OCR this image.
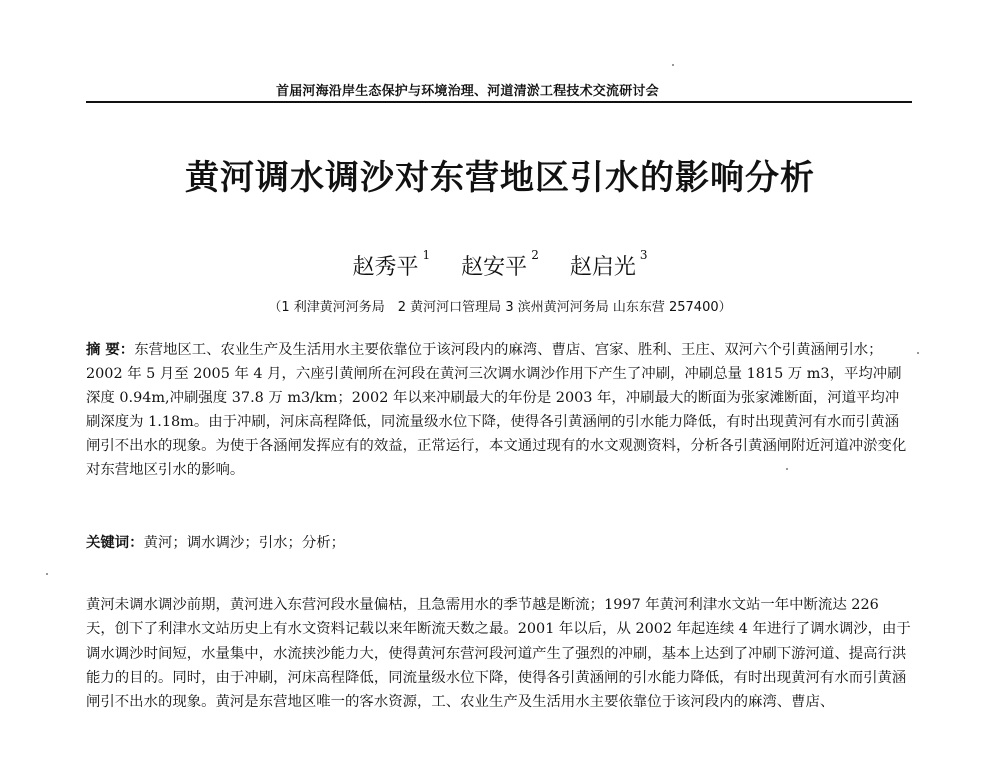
首届河海沿岸生态保护与环境治理、河道清淤工程技术交流研讨会
黄河调水调沙对东营地区引水的影响分析
赵秀平 $^1$ 赵安平 $^2$ 赵启光 $^3$
（1 利津黄河河务局　2 黄河河口管理局 3 滨州黄河河务局 山东东营 257400）
摘 要：东营地区工、农业生产及生活用水主要依靠位于该河段内的麻湾、曹店、宫家、胜利、王庄、双河六个引黄涵闸引水；2002 年 5 月至 2005 年 4 月，六座引黄闸所在河段在黄河三次调水调沙作用下产生了冲刷，冲刷总量 1815 万 m3，平均冲刷深度 0.94m,冲刷强度 37.8 万 m3/km；2002 年以来冲刷最大的年份是 2003 年，冲刷最大的断面为张家滩断面，河道平均冲刷深度为 1.18m。由于冲刷，河床高程降低，同流量级水位下降，使得各引黄涵闸的引水能力降低，有时出现黄河有水而引黄涵闸引不出水的现象。为使于各涵闸发挥应有的效益，正常运行，本文通过现有的水文观测资料，分析各引黄涵闸附近河道冲淤变化对东营地区引水的影响。
关键词：黄河；调水调沙；引水；分析；
黄河未调水调沙前期，黄河进入东营河段水量偏枯，且急需用水的季节越是断流；1997 年黄河利津水文站一年中断流达 226 天，创下了利津水文站历史上有水文资料记载以来年断流天数之最。2001 年以后，从 2002 年起连续 4 年进行了调水调沙，由于调水调沙时间短，水量集中，水流挟沙能力大，使得黄河东营河段河道产生了强烈的冲刷，基本上达到了冲刷下游河道、提高行洪能力的目的。同时，由于冲刷，河床高程降低，同流量级水位下降，使得各引黄涵闸的引水能力降低，有时出现黄河有水而引黄涵闸引不出水的现象。黄河是东营地区唯一的客水资源，工、农业生产及生活用水主要依靠位于该河段内的麻湾、曹店、
